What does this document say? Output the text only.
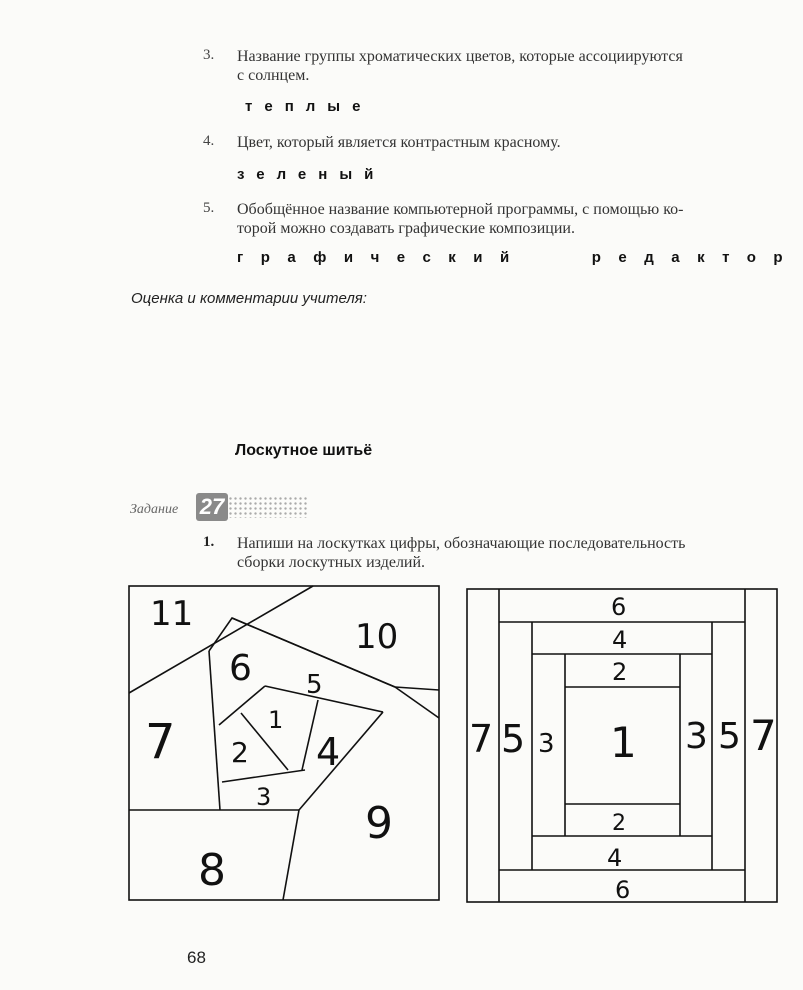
3. Название группы хроматических цветов, которые ассоциируются
с солнцем.
теплые
4. Цвет, который является контрастным красному.
зеленый
5. Обобщённое название компьютерной программы, с помощью ко-
торой можно создавать графические композиции.
графический   редактор
Оценка и комментарии учителя:
Лоскутное шитьё
Задание 27
1. Напиши на лоскутках цифры, обозначающие последовательность
сборки лоскутных изделий.
11
10
6 5
1
2
7	4
3
9
8
6
4
2
1
2
4
6
7 5 3	3 5 7
68
